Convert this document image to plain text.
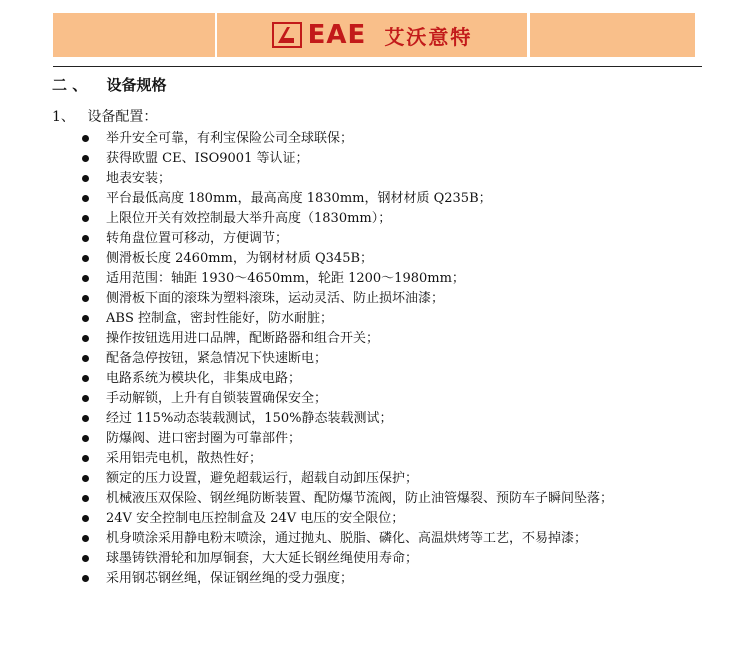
EAE 艾沃意特
二 、 设备规格
1、 设备配置：
举升安全可靠，有利宝保险公司全球联保；
获得欧盟 CE、ISO9001 等认证；
地表安装；
平台最低高度 180mm，最高高度 1830mm，钢材材质 Q235B；
上限位开关有效控制最大举升高度（1830mm）；
转角盘位置可移动，方便调节；
侧滑板长度 2460mm，为钢材材质 Q345B；
适用范围：轴距 1930～4650mm，轮距 1200～1980mm；
侧滑板下面的滚珠为塑料滚珠，运动灵活、防止损坏油漆；
ABS 控制盒，密封性能好，防水耐脏；
操作按钮选用进口品牌，配断路器和组合开关；
配备急停按钮，紧急情况下快速断电；
电路系统为模块化，非集成电路；
手动解锁，上升有自锁装置确保安全；
经过 115%动态装载测试，150%静态装载测试；
防爆阀、进口密封圈为可靠部件；
采用铝壳电机，散热性好；
额定的压力设置，避免超载运行，超载自动卸压保护；
机械液压双保险、钢丝绳防断装置、配防爆节流阀，防止油管爆裂、预防车子瞬间坠落；
24V 安全控制电压控制盒及 24V 电压的安全限位；
机身喷涂采用静电粉末喷涂，通过抛丸、脱脂、磷化、高温烘烤等工艺，不易掉漆；
球墨铸铁滑轮和加厚铜套，大大延长钢丝绳使用寿命；
采用钢芯钢丝绳，保证钢丝绳的受力强度；
